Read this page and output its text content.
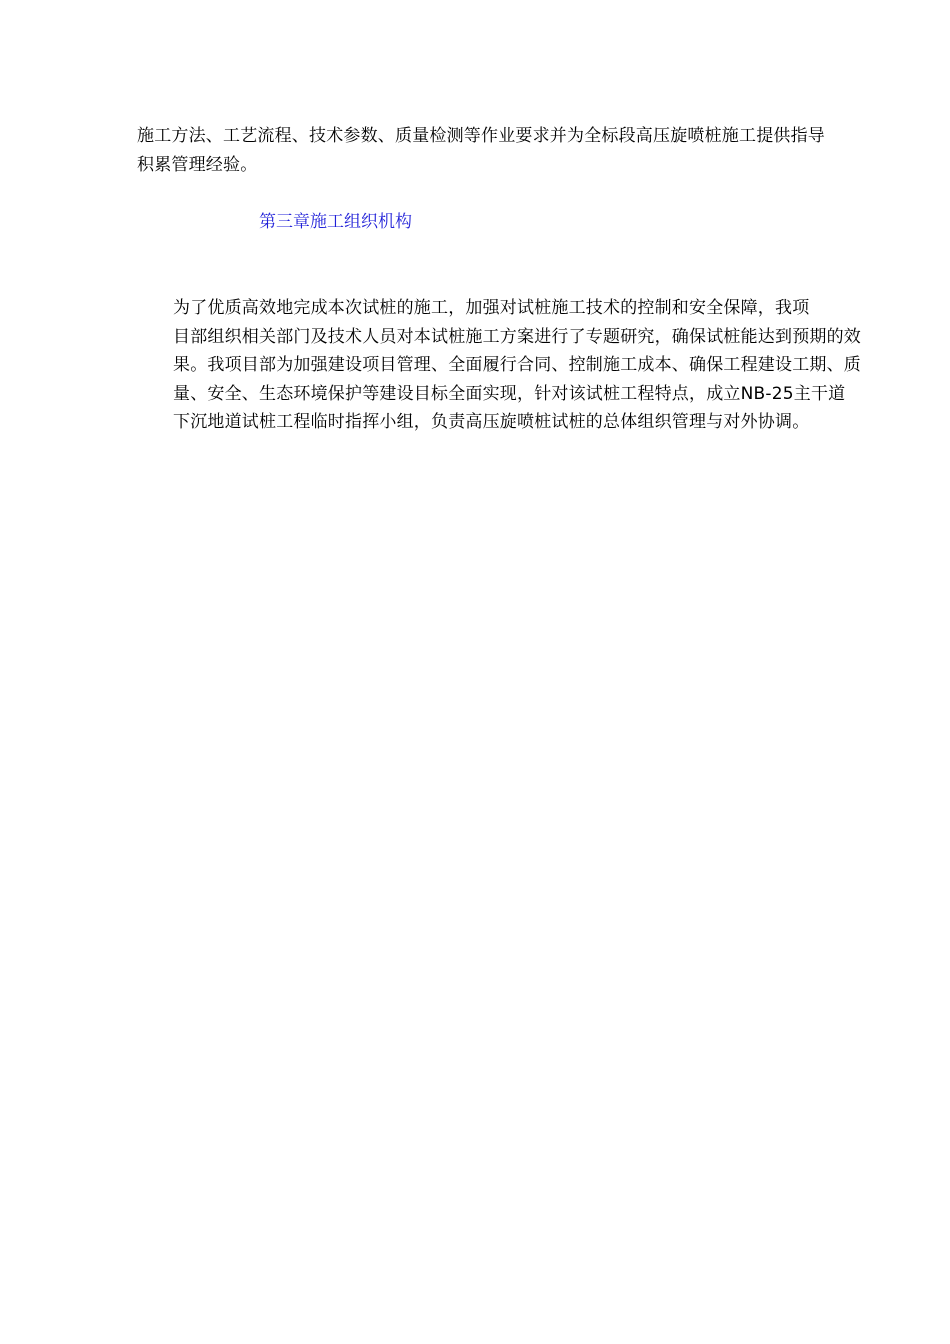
施工方法、工艺流程、技术参数、质量检测等作业要求并为全标段高压旋喷桩施工提供指导
积累管理经验。
第三章施工组织机构
为了优质高效地完成本次试桩的施工，加强对试桩施工技术的控制和安全保障，我项
目部组织相关部门及技术人员对本试桩施工方案进行了专题研究，确保试桩能达到预期的效
果。我项目部为加强建设项目管理、全面履行合同、控制施工成本、确保工程建设工期、质
量、安全、生态环境保护等建设目标全面实现，针对该试桩工程特点，成立NB-25主干道
下沉地道试桩工程临时指挥小组，负责高压旋喷桩试桩的总体组织管理与对外协调。
